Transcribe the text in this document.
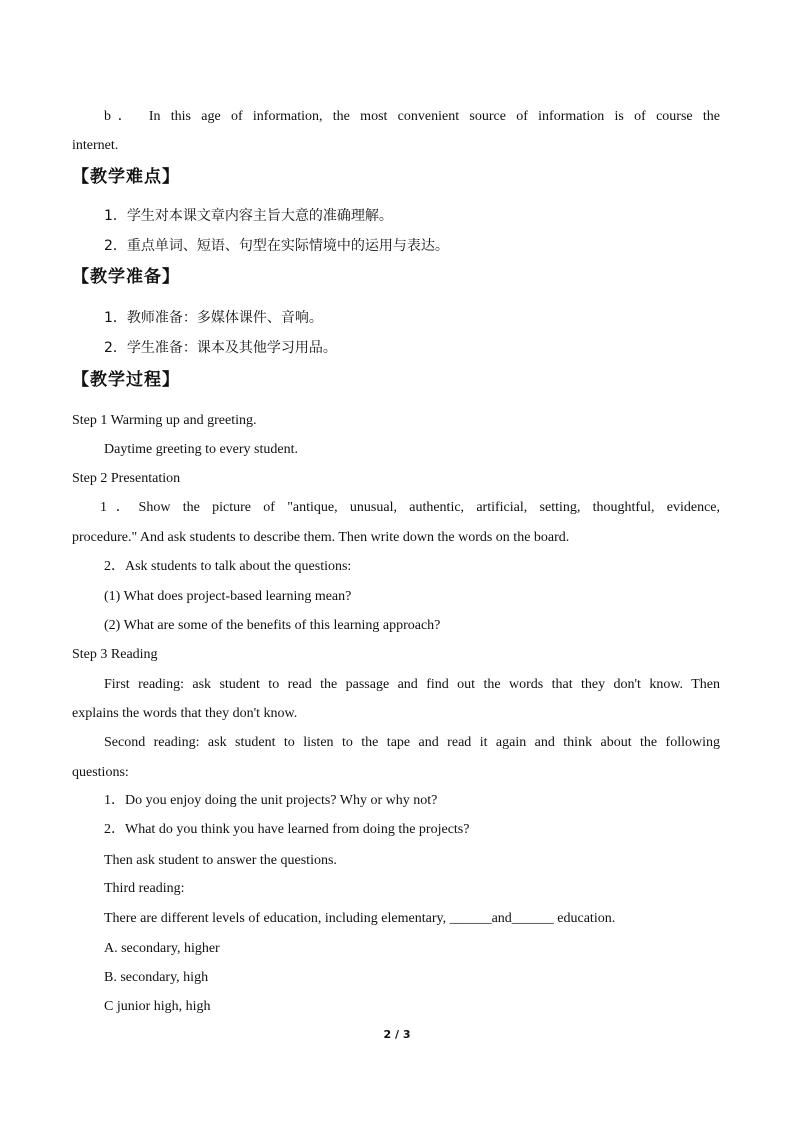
b． In this age of information, the most convenient source of information is of course the
internet.
【教学难点】
1．学生对本课文章内容主旨大意的准确理解。
2．重点单词、短语、句型在实际情境中的运用与表达。
【教学准备】
1．教师准备：多媒体课件、音响。
2．学生准备：课本及其他学习用品。
【教学过程】
Step 1 Warming up and greeting.
Daytime greeting to every student.
Step 2 Presentation
1．Show the picture of "antique, unusual, authentic, artificial, setting, thoughtful, evidence,
procedure." And ask students to describe them. Then write down the words on the board.
2．Ask students to talk about the questions:
(1) What does project-based learning mean?
(2) What are some of the benefits of this learning approach?
Step 3 Reading
First reading: ask student to read the passage and find out the words that they don't know. Then
explains the words that they don't know.
Second reading: ask student to listen to the tape and read it again and think about the following
questions:
1．Do you enjoy doing the unit projects? Why or why not?
2．What do you think you have learned from doing the projects?
Then ask student to answer the questions.
Third reading:
There are different levels of education, including elementary, ______and______ education.
A. secondary, higher
B. secondary, high
C junior high, high
2 / 3
